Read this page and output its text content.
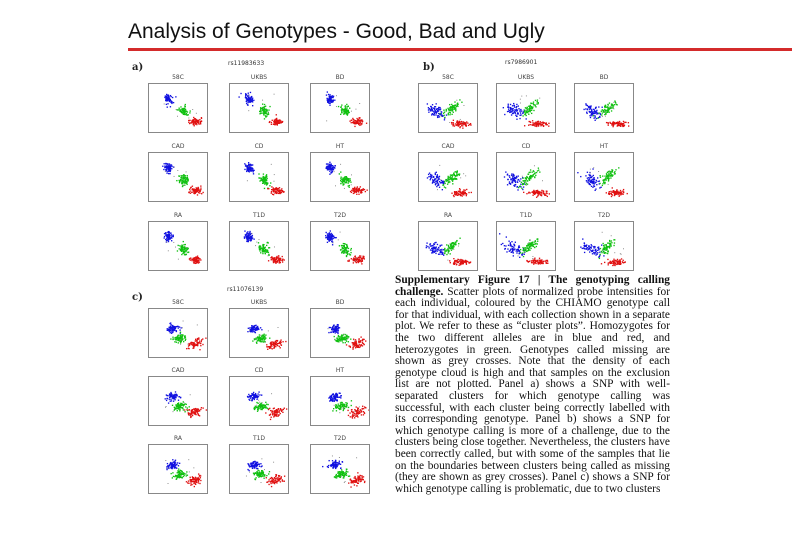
Analysis of Genotypes - Good, Bad and Ugly
a)	rs11983633
58C	UKBS	BD
CAD	CD	HT
RA	T1D	T2D
b)	rs7986901
58C	UKBS	BD
CAD	CD	HT
RA	T1D	T2D
c)
rs11076139
58C	UKBS	BD
CAD	CD	HT
RA	T1D	T2D

Supplementary Figure 17 | The genotyping calling challenge. Scatter plots of normalized probe intensities for each individual, coloured by the CHIAMO genotype call for that individual, with each collection shown in a separate plot. We refer to these as “cluster plots”. Homozygotes for the two different alleles are in blue and red, and heterozygotes in green. Genotypes called missing are shown as grey crosses. Note that the density of each genotype cloud is high and that samples on the exclusion list are not plotted. Panel a) shows a SNP with well-separated clusters for which genotype calling was successful, with each cluster being correctly labelled with its corresponding genotype. Panel b) shows a SNP for which genotype calling is more of a challenge, due to the clusters being close together. Nevertheless, the clusters have been correctly called, but with some of the samples that lie on the boundaries between clusters being called as missing (they are shown as grey crosses). Panel c) shows a SNP for which genotype calling is problematic, due to two clusters
